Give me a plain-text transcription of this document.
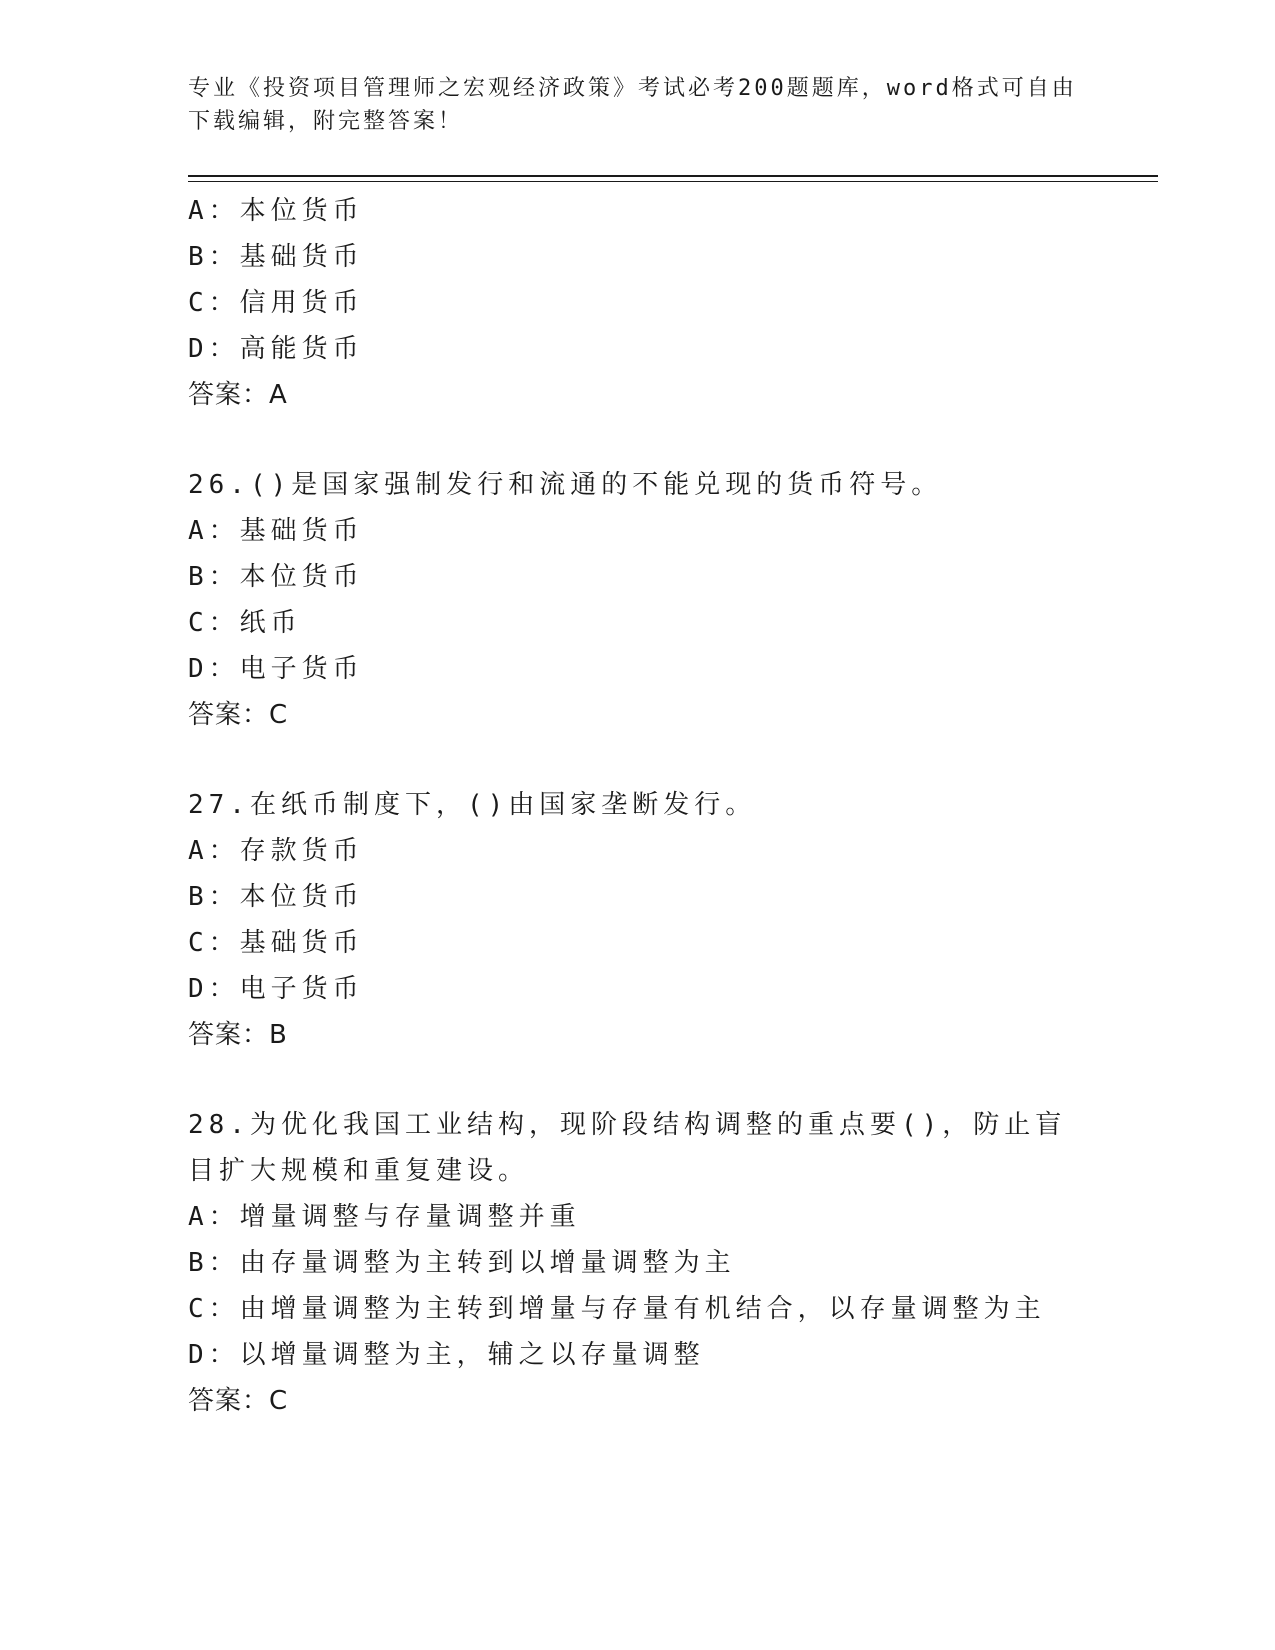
专业《投资项目管理师之宏观经济政策》考试必考200题题库，word格式可自由下载编辑，附完整答案！
A：本位货币
B：基础货币
C：信用货币
D：高能货币
答案：A
26.()是国家强制发行和流通的不能兑现的货币符号。
A：基础货币
B：本位货币
C：纸币
D：电子货币
答案：C
27.在纸币制度下，()由国家垄断发行。
A：存款货币
B：本位货币
C：基础货币
D：电子货币
答案：B
28.为优化我国工业结构，现阶段结构调整的重点要()，防止盲目扩大规模和重复建设。
A：增量调整与存量调整并重
B：由存量调整为主转到以增量调整为主
C：由增量调整为主转到增量与存量有机结合，以存量调整为主
D：以增量调整为主，辅之以存量调整
答案：C
